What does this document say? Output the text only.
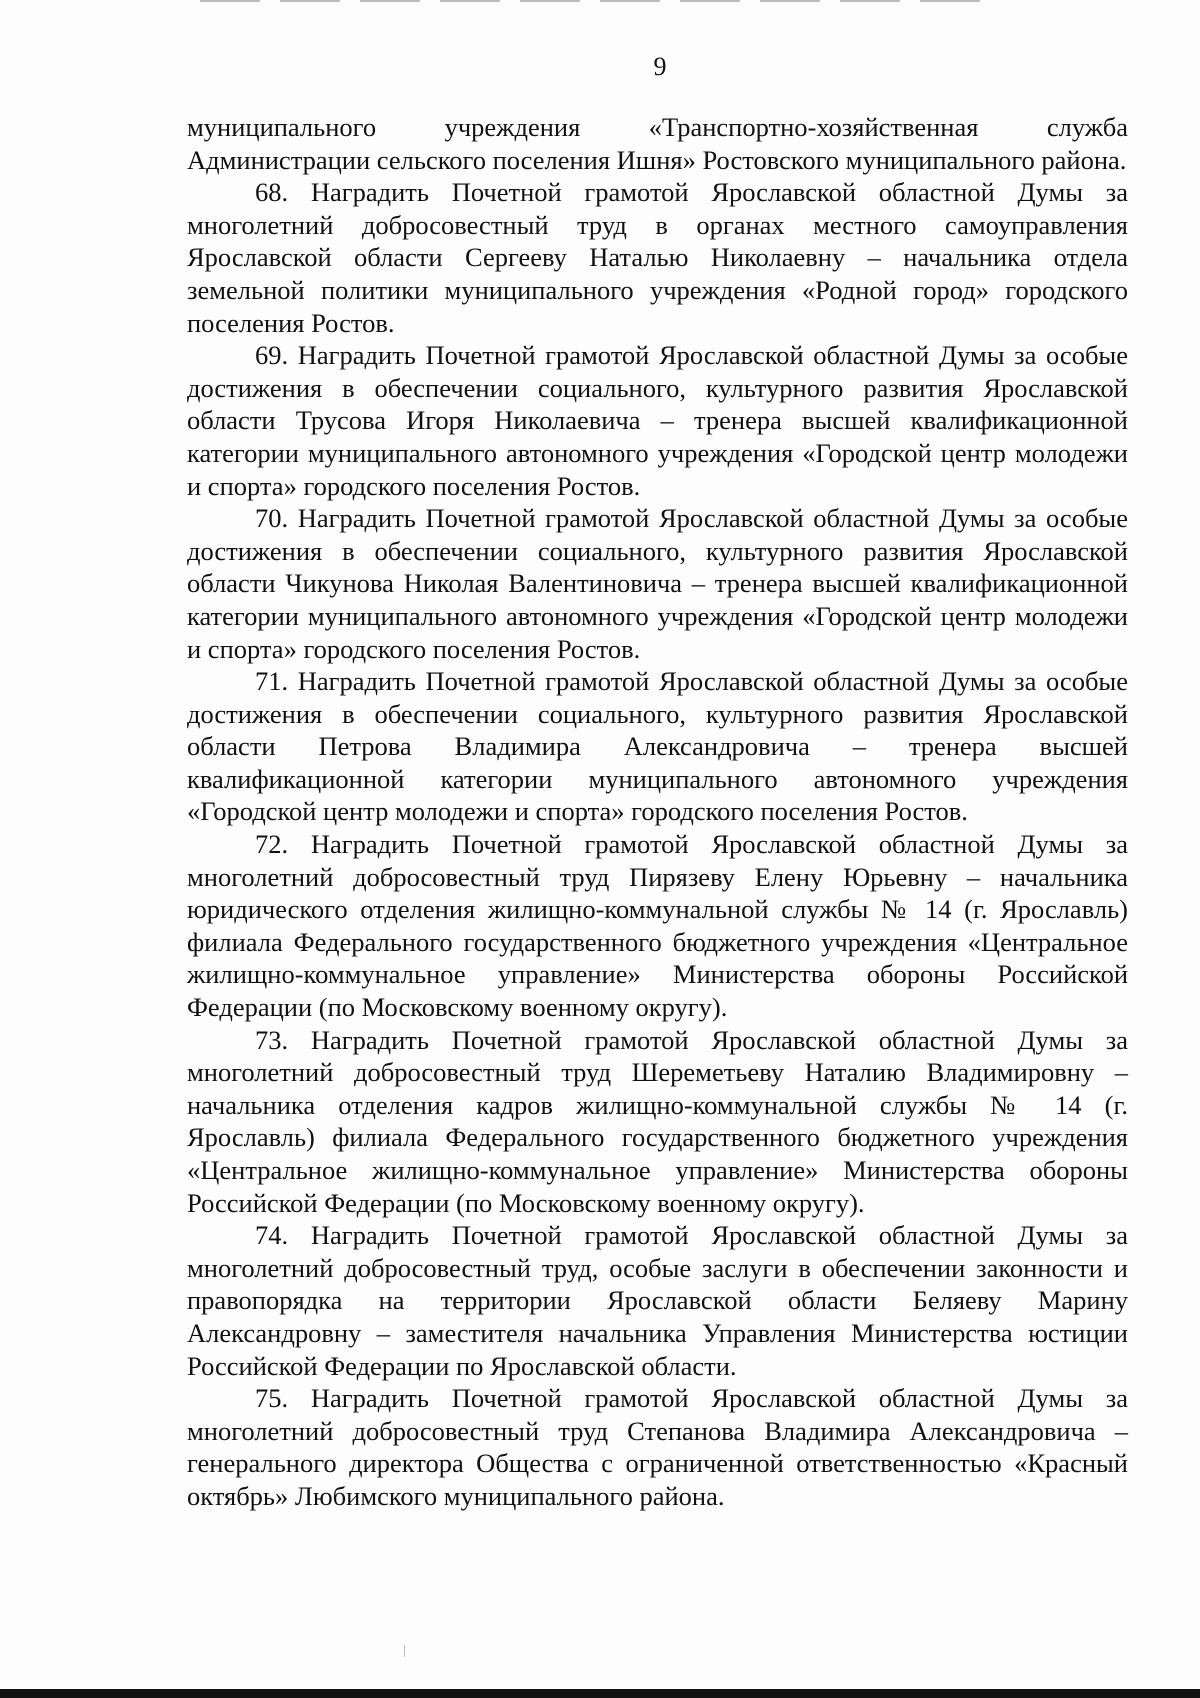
9

муниципального учреждения «Транспортно-хозяйственная служба Администрации сельского поселения Ишня» Ростовского муниципального района.

68. Наградить Почетной грамотой Ярославской областной Думы за многолетний добросовестный труд в органах местного самоуправления Ярославской области Сергееву Наталью Николаевну – начальника отдела земельной политики муниципального учреждения «Родной город» городского поселения Ростов.

69. Наградить Почетной грамотой Ярославской областной Думы за особые достижения в обеспечении социального, культурного развития Ярославской области Трусова Игоря Николаевича – тренера высшей квалификационной категории муниципального автономного учреждения «Городской центр молодежи и спорта» городского поселения Ростов.

70. Наградить Почетной грамотой Ярославской областной Думы за особые достижения в обеспечении социального, культурного развития Ярославской области Чикунова Николая Валентиновича – тренера высшей квалификационной категории муниципального автономного учреждения «Городской центр молодежи и спорта» городского поселения Ростов.

71. Наградить Почетной грамотой Ярославской областной Думы за особые достижения в обеспечении социального, культурного развития Ярославской области Петрова Владимира Александровича – тренера высшей квалификационной категории муниципального автономного учреждения «Городской центр молодежи и спорта» городского поселения Ростов.

72. Наградить Почетной грамотой Ярославской областной Думы за многолетний добросовестный труд Пирязеву Елену Юрьевну – начальника юридического отделения жилищно-коммунальной службы № 14 (г. Ярославль) филиала Федерального государственного бюджетного учреждения «Центральное жилищно-коммунальное управление» Министерства обороны Российской Федерации (по Московскому военному округу).

73. Наградить Почетной грамотой Ярославской областной Думы за многолетний добросовестный труд Шереметьеву Наталию Владимировну – начальника отделения кадров жилищно-коммунальной службы № 14 (г. Ярославль) филиала Федерального государственного бюджетного учреждения «Центральное жилищно-коммунальное управление» Министерства обороны Российской Федерации (по Московскому военному округу).

74. Наградить Почетной грамотой Ярославской областной Думы за многолетний добросовестный труд, особые заслуги в обеспечении законности и правопорядка на территории Ярославской области Беляеву Марину Александровну – заместителя начальника Управления Министерства юстиции Российской Федерации по Ярославской области.

75. Наградить Почетной грамотой Ярославской областной Думы за многолетний добросовестный труд Степанова Владимира Александровича – генерального директора Общества с ограниченной ответственностью «Красный октябрь» Любимского муниципального района.
